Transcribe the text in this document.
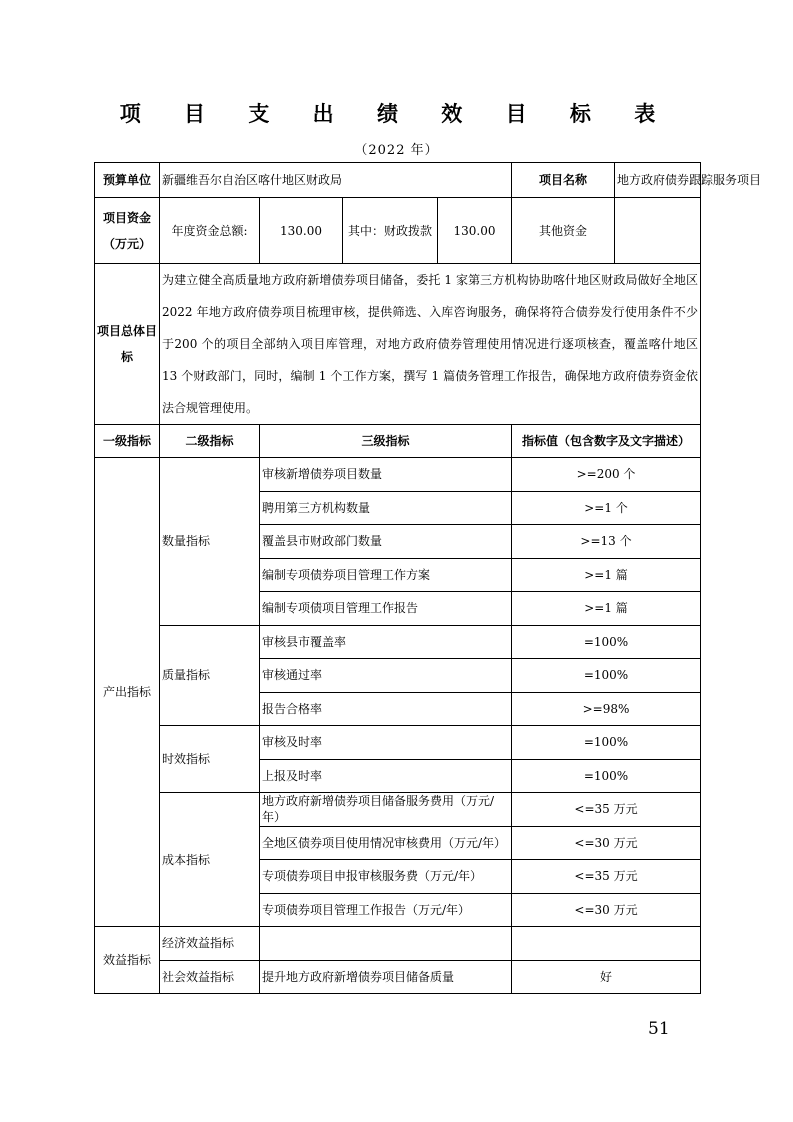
项 目 支 出 绩 效 目 标 表
（2022 年）
预算单位	新疆维吾尔自治区喀什地区财政局				项目名称	地方政府债券跟踪服务项目

项目资金
（万元）	年度资金总额:	130.00	其中：财政拨款	130.00	其他资金	

项目总体目
标	为建立健全高质量地方政府新增债券项目储备，委托 1 家第三方机构协助喀什地区财政局做好全地区2022 年地方政府债券项目梳理审核，提供筛选、入库咨询服务，确保将符合债券发行使用条件不少于200 个的项目全部纳入项目库管理，对地方政府债券管理使用情况进行逐项核查，覆盖喀什地区 13 个财政部门，同时，编制 1 个工作方案，撰写 1 篇债务管理工作报告，确保地方政府债券资金依法合规管理使用。					
一级指标	二级指标	三级指标			指标值（包含数字及文字描述）	
产出指标	数量指标	审核新增债券项目数量			>=200 个	
		聘用第三方机构数量			>=1 个	
		覆盖县市财政部门数量			>=13 个	
		编制专项债券项目管理工作方案			>=1 篇	
		编制专项债项目管理工作报告			>=1 篇	
	质量指标	审核县市覆盖率			=100%	
		审核通过率			=100%	
		报告合格率			>=98%	
	时效指标	审核及时率			=100%	
		上报及时率			=100%	
	成本指标	地方政府新增债券项目储备服务费用（万元/年）			<=35 万元	
		全地区债券项目使用情况审核费用（万元/年）			<=30 万元	
		专项债券项目申报审核服务费（万元/年）			<=35 万元	
		专项债券项目管理工作报告（万元/年）			<=30 万元	
效益指标	经济效益指标					
	社会效益指标	提升地方政府新增债券项目储备质量			好	
51
